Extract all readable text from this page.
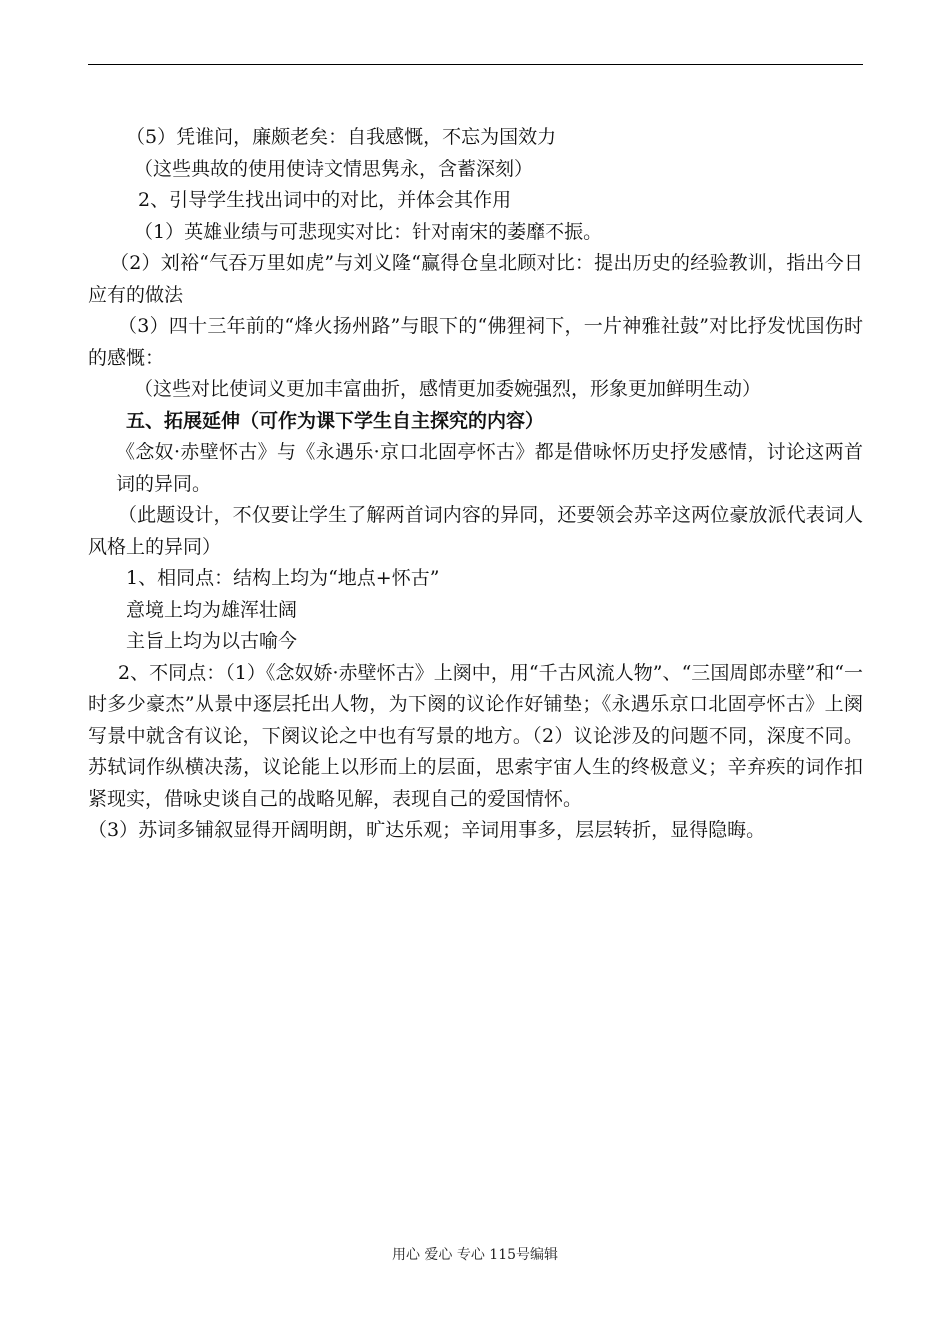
（5）凭谁问，廉颇老矣：自我感慨，不忘为国效力

（这些典故的使用使诗文情思隽永，含蓄深刻）

2、引导学生找出词中的对比，并体会其作用

（1）英雄业绩与可悲现实对比：针对南宋的萎靡不振。

（2）刘裕“气吞万里如虎”与刘义隆“赢得仓皇北顾对比：提出历史的经验教训，指出今日应有的做法

（3）四十三年前的“烽火扬州路”与眼下的“佛狸祠下，一片神雅社鼓”对比抒发忧国伤时的感慨：

（这些对比使词义更加丰富曲折，感情更加委婉强烈，形象更加鲜明生动）

五、拓展延伸（可作为课下学生自主探究的内容）

《念奴·赤壁怀古》与《永遇乐·京口北固亭怀古》都是借咏怀历史抒发感情，讨论这两首词的异同。

（此题设计，不仅要让学生了解两首词内容的异同，还要领会苏辛这两位豪放派代表词人风格上的异同）

1、相同点：结构上均为“地点+怀古”

意境上均为雄浑壮阔

主旨上均为以古喻今

2、不同点：（1）《念奴娇·赤壁怀古》上阕中，用“千古风流人物”、“三国周郎赤壁”和“一时多少豪杰”从景中逐层托出人物，为下阕的议论作好铺垫；《永遇乐京口北固亭怀古》上阕写景中就含有议论，下阕议论之中也有写景的地方。（2）议论涉及的问题不同，深度不同。苏轼词作纵横决荡，议论能上以形而上的层面，思索宇宙人生的终极意义；辛弃疾的词作扣紧现实，借咏史谈自己的战略见解，表现自己的爱国情怀。

（3）苏词多铺叙显得开阔明朗，旷达乐观；辛词用事多，层层转折，显得隐晦。

用心 爱心 专心 115号编辑
